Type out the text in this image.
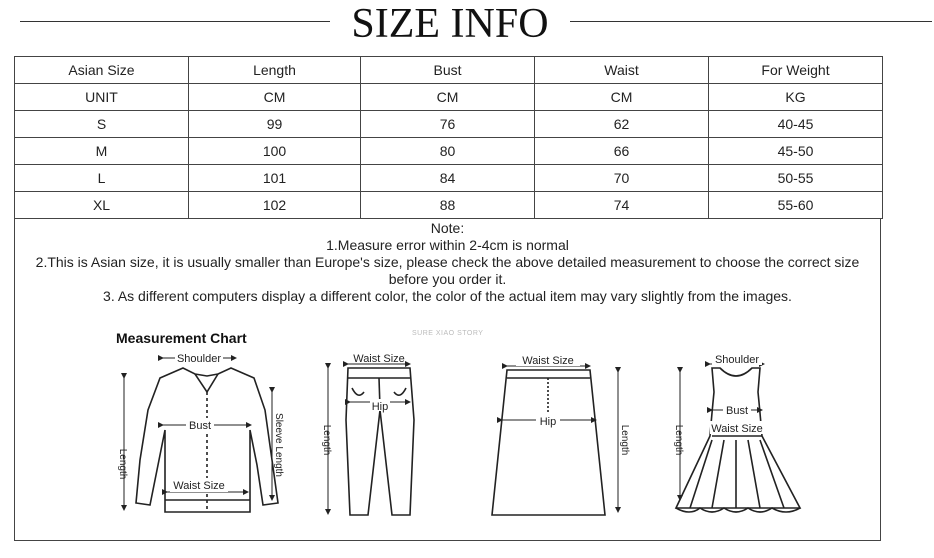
SIZE INFO
Asian Size	Length	Bust	Waist	For Weight
UNIT	CM	CM	CM	KG
S	99	76	62	40-45
M	100	80	66	45-50
L	101	84	70	50-55
XL	102	88	74	55-60
Note:
1.Measure error within 2-4cm is normal
2.This is Asian size, it is usually smaller than Europe's size, please check the above detailed measurement to choose the correct size before you order it.
3. As different computers display a different color, the color of the actual item may vary slightly from the images.
Measurement Chart	SURE XIAO STORY
Shoulder
Bust
Waist Size
Length	Sleeve Length
Waist Size
Hip
Length
Waist Size
Hip
Length
Shoulder
Bust
Waist Size
Length
